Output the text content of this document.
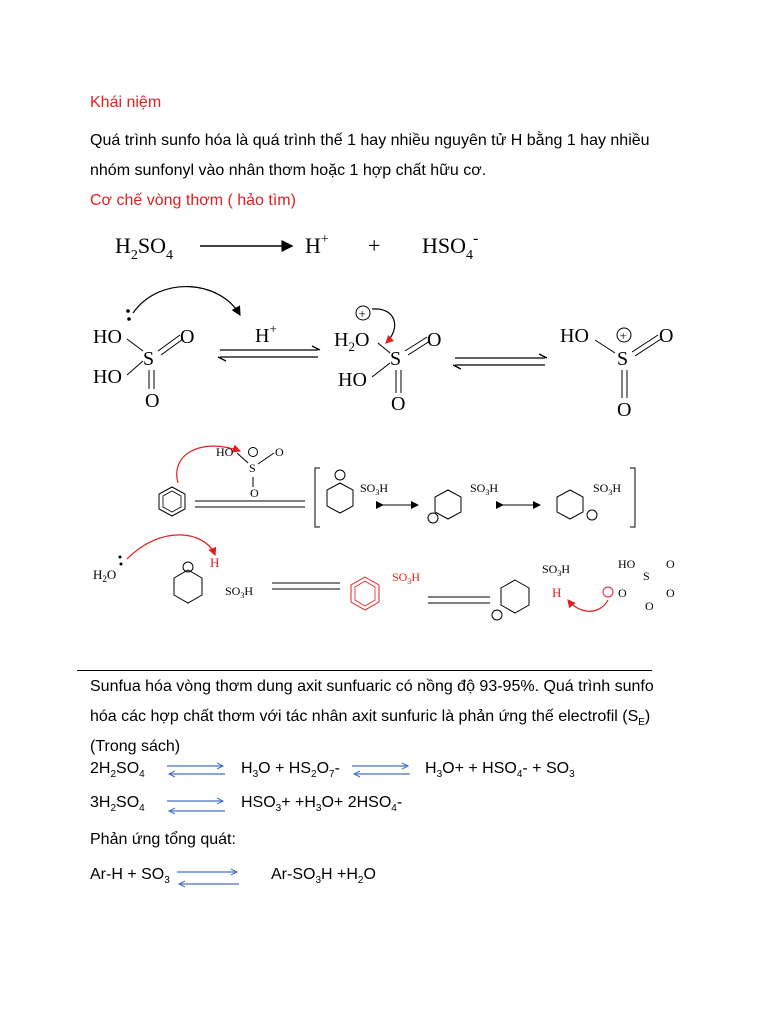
Khái niệm
Quá trình sunfo hóa là quá trình thế 1 hay nhiều nguyên tử H bằng 1 hay nhiều
nhóm sunfonyl vào nhân thơm hoặc 1 hợp chất hữu cơ.
Cơ chế vòng thơm ( hảo tìm)
$H_2SO_4$	$H^+ + HSO_4^-$
HO
HO
S
O
O
H+
$H_2O$
HO
S
O
O
+
HO
S
O
O
+
HO
S
O
O	$SO_3H$	$SO_3H$	$SO_3H$
$H_2O$
H
$SO_3H$
$SO_3H$
$SO_3H$
H
HO
S
O
O
O
O
Sunfua hóa vòng thơm dung axit sunfuaric có nồng độ 93-95%. Quá trình sunfo
hóa các hợp chất thơm với tác nhân axit sunfuric là phản ứng thế electrofil $(S_E)$
(Trong sách)
$2H_2SO_4$ ⇌ $H_3O + HS_2O_7-$ ⇌ $H_3O+ + HSO_4- + SO_3$
$3H_2SO_4$ ⇌ $HSO_3+ +H_3O+ 2HSO_4-$
Phản ứng tổng quát:
$Ar-H + SO_3$	$Ar-SO_3H +H_2O$
